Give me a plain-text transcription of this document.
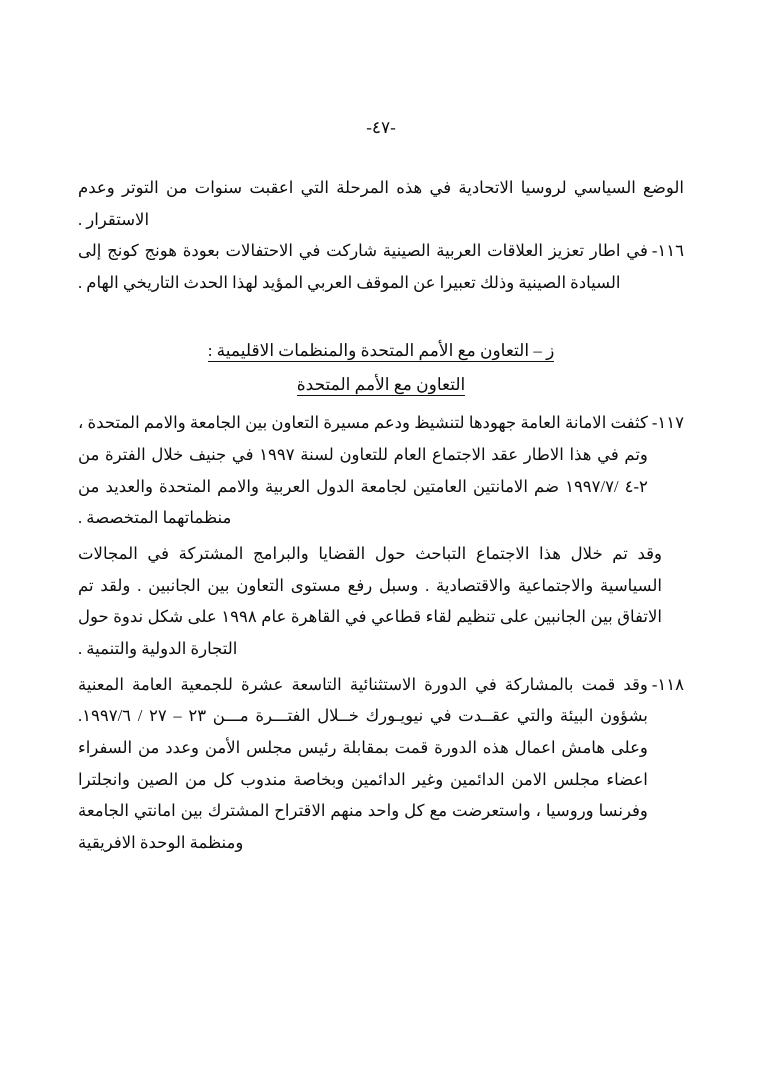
-٤٧-
الوضع السياسي لروسيا الاتحادية في هذه المرحلة التي اعقبت سنوات من التوتر وعدم الاستقرار .
١١٦-
في اطار تعزيز العلاقات العربية الصينية شاركت في الاحتفالات بعودة هونج كونج إلى السيادة الصينية وذلك تعبيرا عن الموقف العربي المؤيد لهذا الحدث التاريخي الهام .
ز – التعاون مع الأمم المتحدة والمنظمات الاقليمية :
التعاون مع الأمم المتحدة
١١٧-
كثفت الامانة العامة جهودها لتنشيظ ودعم مسيرة التعاون بين الجامعة والامم المتحدة ، وتم في هذا الاطار عقد الاجتماع العام للتعاون لسنة ١٩٩٧ في جنيف خلال الفترة من ٢-٤ /١٩٩٧/٧ ضم الامانتين العامتين لجامعة الدول العربية والامم المتحدة والعديد من منظماتهما المتخصصة .
وقد تم خلال هذا الاجتماع التباحث حول القضايا والبرامج المشتركة في المجالات السياسية والاجتماعية والاقتصادية . وسبل رفع مستوى التعاون بين الجانبين . ولقد تم الاتفاق بين الجانبين على تنظيم لقاء قطاعي في القاهرة عام ١٩٩٨ على شكل ندوة حول التجارة الدولية والتنمية .
١١٨-
وقد قمت بالمشاركة في الدورة الاستثنائية التاسعة عشرة للجمعية العامة المعنية بشؤون البيئة والتي عقــدت في نيويـورك خــلال الفتـــرة مـــن ٢٣ – ٢٧ / ١٩٩٧/٦. وعلى هامش اعمال هذه الدورة قمت بمقابلة رئيس مجلس الأمن وعدد من السفراء اعضاء مجلس الامن الدائمين وغير الدائمين وبخاصة مندوب كل من الصين وانجلترا وفرنسا وروسيا ، واستعرضت مع كل واحد منهم الاقتراح المشترك بين امانتي الجامعة ومنظمة الوحدة الافريقية
